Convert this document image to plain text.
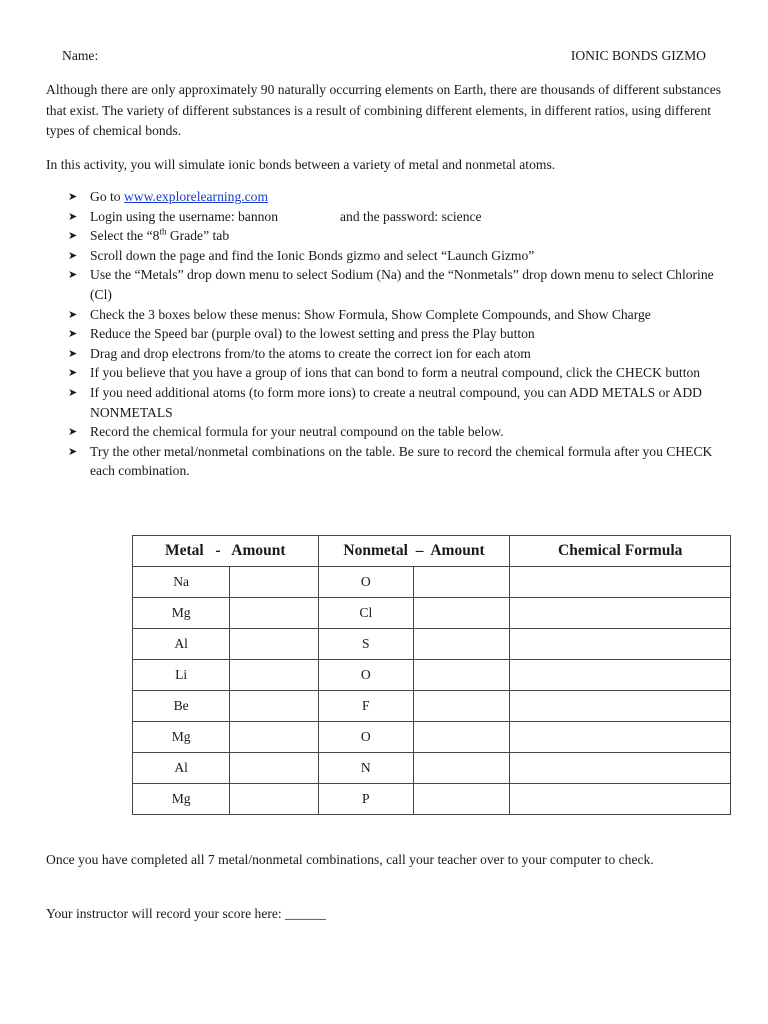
Name:	IONIC BONDS GIZMO

Although there are only approximately 90 naturally occurring elements on Earth, there are thousands of different substances that exist. The variety of different substances is a result of combining different elements, in different ratios, using different types of chemical bonds.

In this activity, you will simulate ionic bonds between a variety of metal and nonmetal atoms.

➤ Go to www.explorelearning.com
➤ Login using the username: bannon	and the password: science
➤ Select the “8th Grade” tab
➤ Scroll down the page and find the Ionic Bonds gizmo and select “Launch Gizmo”
➤ Use the “Metals” drop down menu to select Sodium (Na) and the “Nonmetals” drop down menu to select Chlorine (Cl)
➤ Check the 3 boxes below these menus: Show Formula, Show Complete Compounds, and Show Charge
➤ Reduce the Speed bar (purple oval) to the lowest setting and press the Play button
➤ Drag and drop electrons from/to the atoms to create the correct ion for each atom
➤ If you believe that you have a group of ions that can bond to form a neutral compound, click the CHECK button
➤ If you need additional atoms (to form more ions) to create a neutral compound, you can ADD METALS or ADD NONMETALS
➤ Record the chemical formula for your neutral compound on the table below.
➤ Try the other metal/nonmetal combinations on the table. Be sure to record the chemical formula after you CHECK each combination.
Metal   -   Amount		Nonmetal  –  Amount		Chemical Formula
Na		O		
Mg		Cl		
Al		S		
Li		O		
Be		F		
Mg		O		
Al		N		
Mg		P		

Once you have completed all 7 metal/nonmetal combinations, call your teacher over to your computer to check.

Your instructor will record your score here: ______
